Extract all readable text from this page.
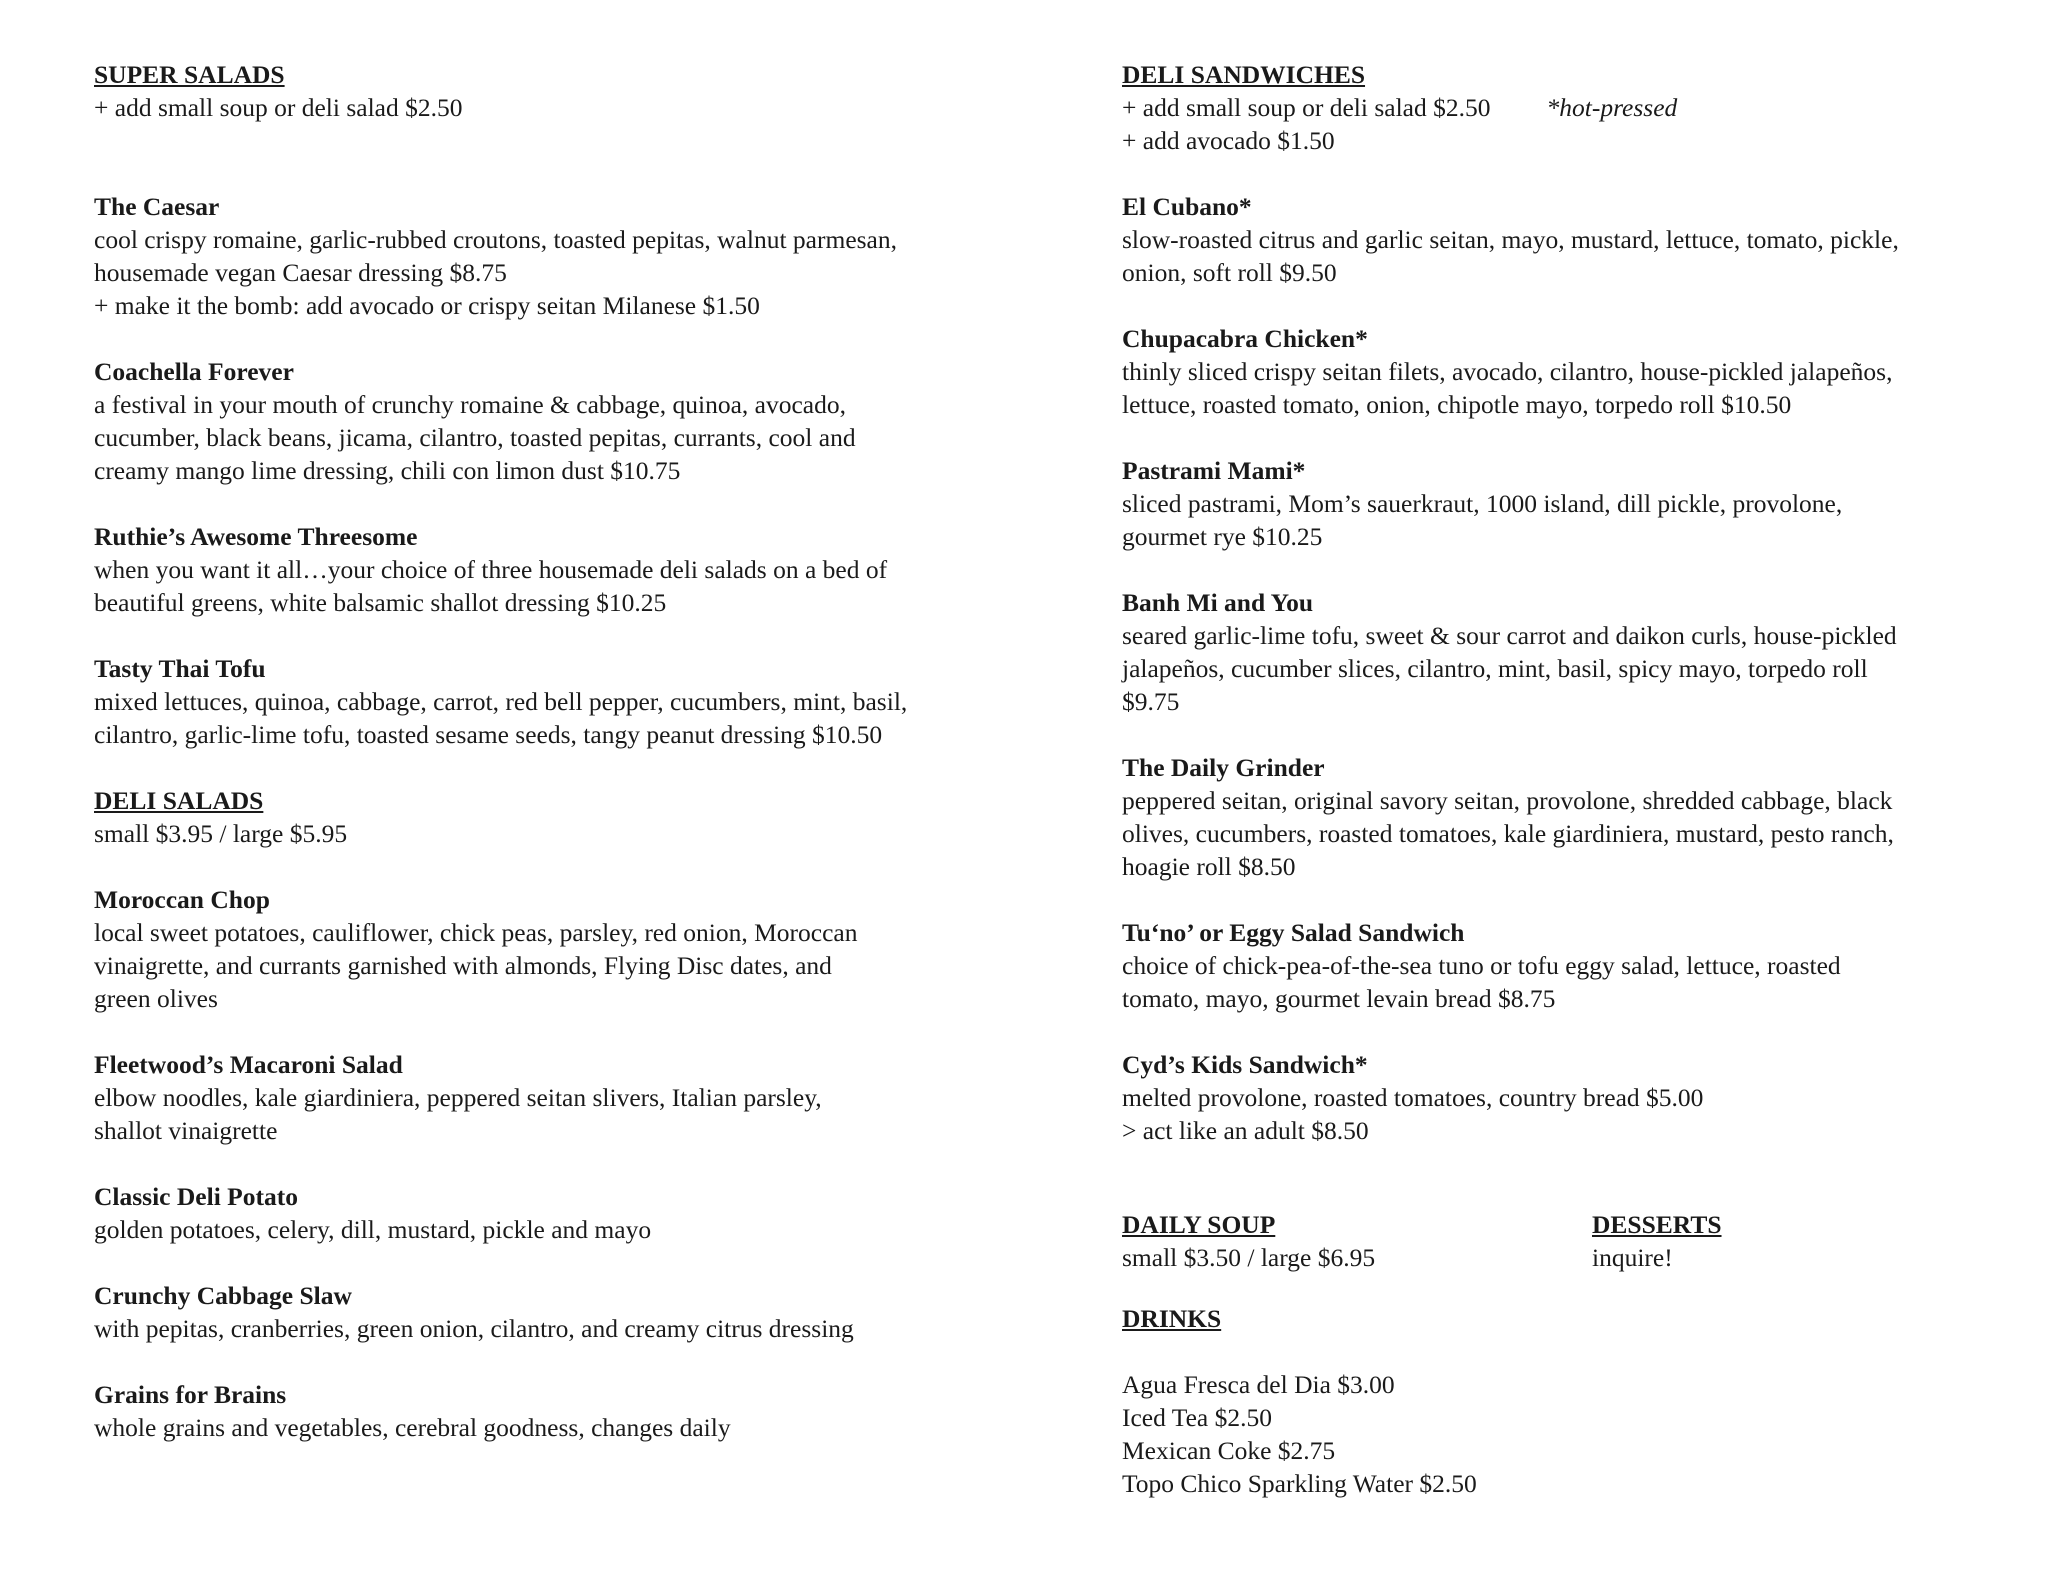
SUPER SALADS
+ add small soup or deli salad $2.50
The Caesar
cool crispy romaine, garlic-rubbed croutons, toasted pepitas, walnut parmesan,
housemade vegan Caesar dressing $8.75
+ make it the bomb: add avocado or crispy seitan Milanese $1.50
Coachella Forever
a festival in your mouth of crunchy romaine & cabbage, quinoa, avocado,
cucumber, black beans, jicama, cilantro, toasted pepitas, currants, cool and
creamy mango lime dressing, chili con limon dust $10.75
Ruthie’s Awesome Threesome
when you want it all…your choice of three housemade deli salads on a bed of
beautiful greens, white balsamic shallot dressing $10.25
Tasty Thai Tofu
mixed lettuces, quinoa, cabbage, carrot, red bell pepper, cucumbers, mint, basil,
cilantro, garlic-lime tofu, toasted sesame seeds, tangy peanut dressing $10.50
DELI SALADS
small $3.95 / large $5.95
Moroccan Chop
local sweet potatoes, cauliflower, chick peas, parsley, red onion, Moroccan
vinaigrette, and currants garnished with almonds, Flying Disc dates, and
green olives
Fleetwood’s Macaroni Salad
elbow noodles, kale giardiniera, peppered seitan slivers, Italian parsley,
shallot vinaigrette
Classic Deli Potato
golden potatoes, celery, dill, mustard, pickle and mayo
Crunchy Cabbage Slaw
with pepitas, cranberries, green onion, cilantro, and creamy citrus dressing
Grains for Brains
whole grains and vegetables, cerebral goodness, changes daily
DELI SANDWICHES
+ add small soup or deli salad $2.50 *hot-pressed
+ add avocado $1.50
El Cubano*
slow-roasted citrus and garlic seitan, mayo, mustard, lettuce, tomato, pickle,
onion, soft roll $9.50
Chupacabra Chicken*
thinly sliced crispy seitan filets, avocado, cilantro, house-pickled jalapeños,
lettuce, roasted tomato, onion, chipotle mayo, torpedo roll $10.50
Pastrami Mami*
sliced pastrami, Mom’s sauerkraut, 1000 island, dill pickle, provolone,
gourmet rye $10.25
Banh Mi and You
seared garlic-lime tofu, sweet & sour carrot and daikon curls, house-pickled
jalapeños, cucumber slices, cilantro, mint, basil, spicy mayo, torpedo roll
$9.75
The Daily Grinder
peppered seitan, original savory seitan, provolone, shredded cabbage, black
olives, cucumbers, roasted tomatoes, kale giardiniera, mustard, pesto ranch,
hoagie roll $8.50
Tu‘no’ or Eggy Salad Sandwich
choice of chick-pea-of-the-sea tuno or tofu eggy salad, lettuce, roasted
tomato, mayo, gourmet levain bread $8.75
Cyd’s Kids Sandwich*
melted provolone, roasted tomatoes, country bread $5.00
> act like an adult $8.50
DAILY SOUP
small $3.50 / large $6.95
DESSERTS
inquire!
DRINKS
Agua Fresca del Dia $3.00
Iced Tea $2.50
Mexican Coke $2.75
Topo Chico Sparkling Water $2.50
